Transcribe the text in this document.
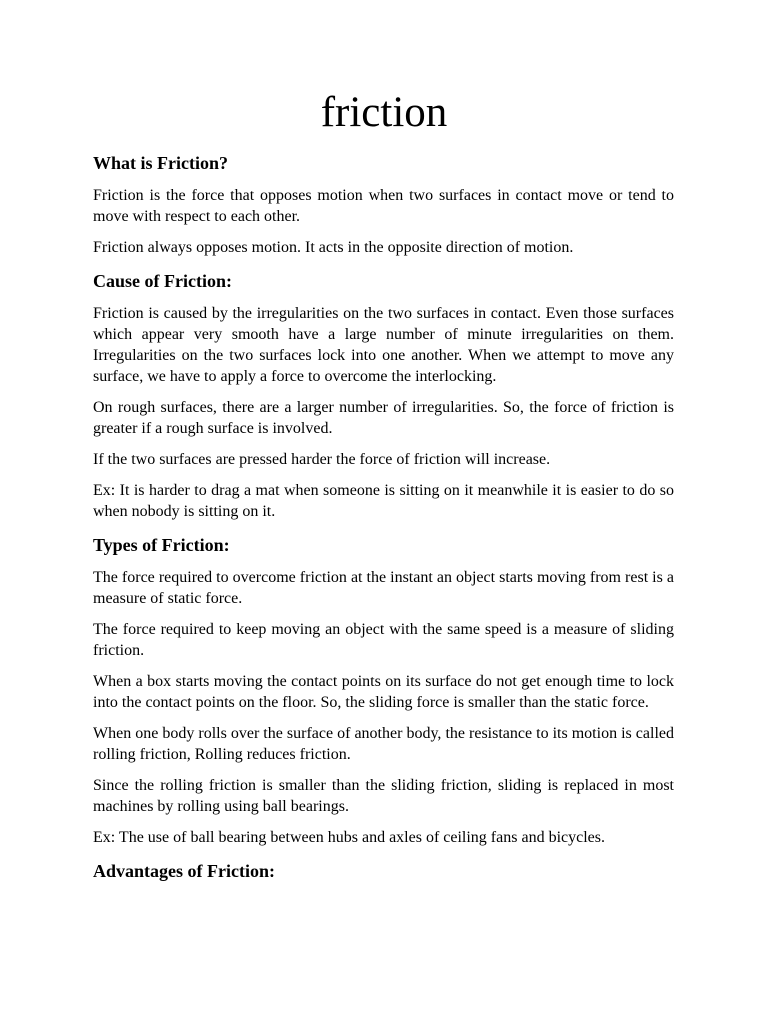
friction
What is Friction?

Friction is the force that opposes motion when two surfaces in contact move or tend to move with respect to each other.

Friction always opposes motion. It acts in the opposite direction of motion.

Cause of Friction:

Friction is caused by the irregularities on the two surfaces in contact. Even those surfaces which appear very smooth have a large number of minute irregularities on them. Irregularities on the two surfaces lock into one another. When we attempt to move any surface, we have to apply a force to overcome the interlocking.

On rough surfaces, there are a larger number of irregularities. So, the force of friction is greater if a rough surface is involved.

If the two surfaces are pressed harder the force of friction will increase.

Ex: It is harder to drag a mat when someone is sitting on it meanwhile it is easier to do so when nobody is sitting on it.

Types of Friction:

The force required to overcome friction at the instant an object starts moving from rest is a measure of static force.

The force required to keep moving an object with the same speed is a measure of sliding friction.

When a box starts moving the contact points on its surface do not get enough time to lock into the contact points on the floor. So, the sliding force is smaller than the static force.

When one body rolls over the surface of another body, the resistance to its motion is called rolling friction, Rolling reduces friction.

Since the rolling friction is smaller than the sliding friction, sliding is replaced in most machines by rolling using ball bearings.

Ex: The use of ball bearing between hubs and axles of ceiling fans and bicycles.

Advantages of Friction:
